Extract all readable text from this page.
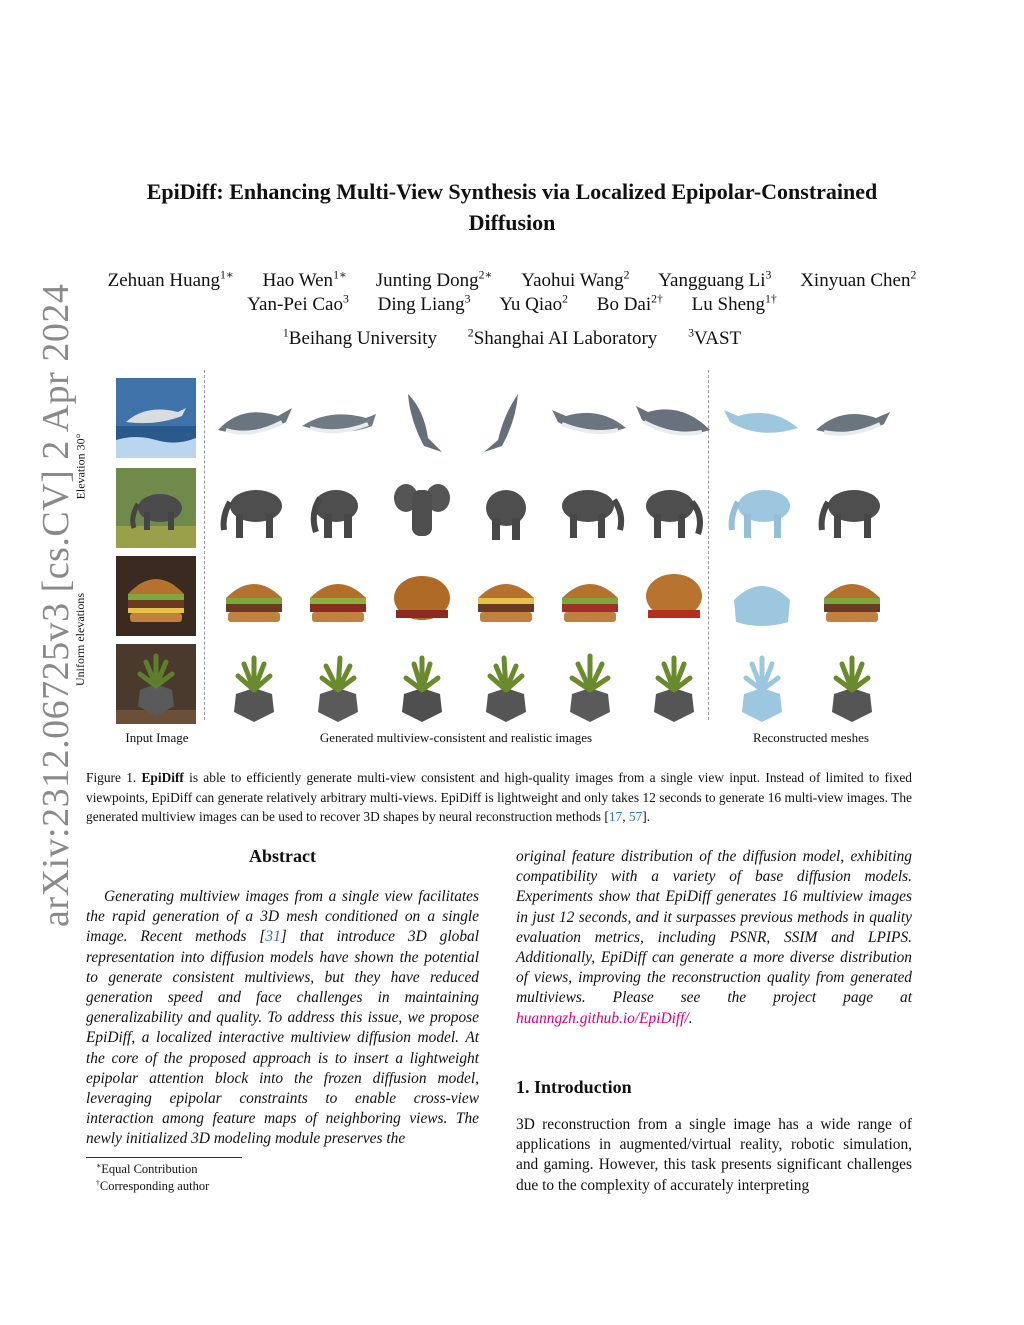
arXiv:2312.06725v3 [cs.CV] 2 Apr 2024
EpiDiff: Enhancing Multi-View Synthesis via Localized Epipolar-Constrained
Diffusion
Zehuan Huang$^{1∗}$ Hao Wen$^{1∗}$ Junting Dong$^{2∗}$ Yaohui Wang$^2$ Yangguang Li$^3$ Xinyuan Chen$^2$
Yan-Pei Cao$^3$ Ding Liang$^3$ Yu Qiao$^2$ Bo Dai$^{2\dagger}$ Lu Sheng$^{1\dagger}$
$^1$Beihang University	$^2$Shanghai AI Laboratory	$^3$VAST
Elevation 30°
Uniform elevations
Input Image	Generated multiview-consistent and realistic images	Reconstructed meshes
Figure 1. EpiDiff is able to efficiently generate multi-view consistent and high-quality images from a single view input. Instead of limited to fixed viewpoints, EpiDiff can generate relatively arbitrary multi-views. EpiDiff is lightweight and only takes 12 seconds to generate 16 multi-view images. The generated multiview images can be used to recover 3D shapes by neural reconstruction methods [17, 57].
Abstract
Generating multiview images from a single view facilitates the rapid generation of a 3D mesh conditioned on a single image. Recent methods [31] that introduce 3D global representation into diffusion models have shown the potential to generate consistent multiviews, but they have reduced generation speed and face challenges in maintaining generalizability and quality. To address this issue, we propose EpiDiff, a localized interactive multiview diffusion model. At the core of the proposed approach is to insert a lightweight epipolar attention block into the frozen diffusion model, leveraging epipolar constraints to enable cross-view interaction among feature maps of neighboring views. The newly initialized 3D modeling module preserves the
∗Equal Contribution
†Corresponding author
original feature distribution of the diffusion model, exhibiting compatibility with a variety of base diffusion models. Experiments show that EpiDiff generates 16 multiview images in just 12 seconds, and it surpasses previous methods in quality evaluation metrics, including PSNR, SSIM and LPIPS. Additionally, EpiDiff can generate a more diverse distribution of views, improving the reconstruction quality from generated multiviews. Please see the project page at huanngzh.github.io/EpiDiff/.
1. Introduction
3D reconstruction from a single image has a wide range of applications in augmented/virtual reality, robotic simulation, and gaming. However, this task presents significant challenges due to the complexity of accurately interpreting
